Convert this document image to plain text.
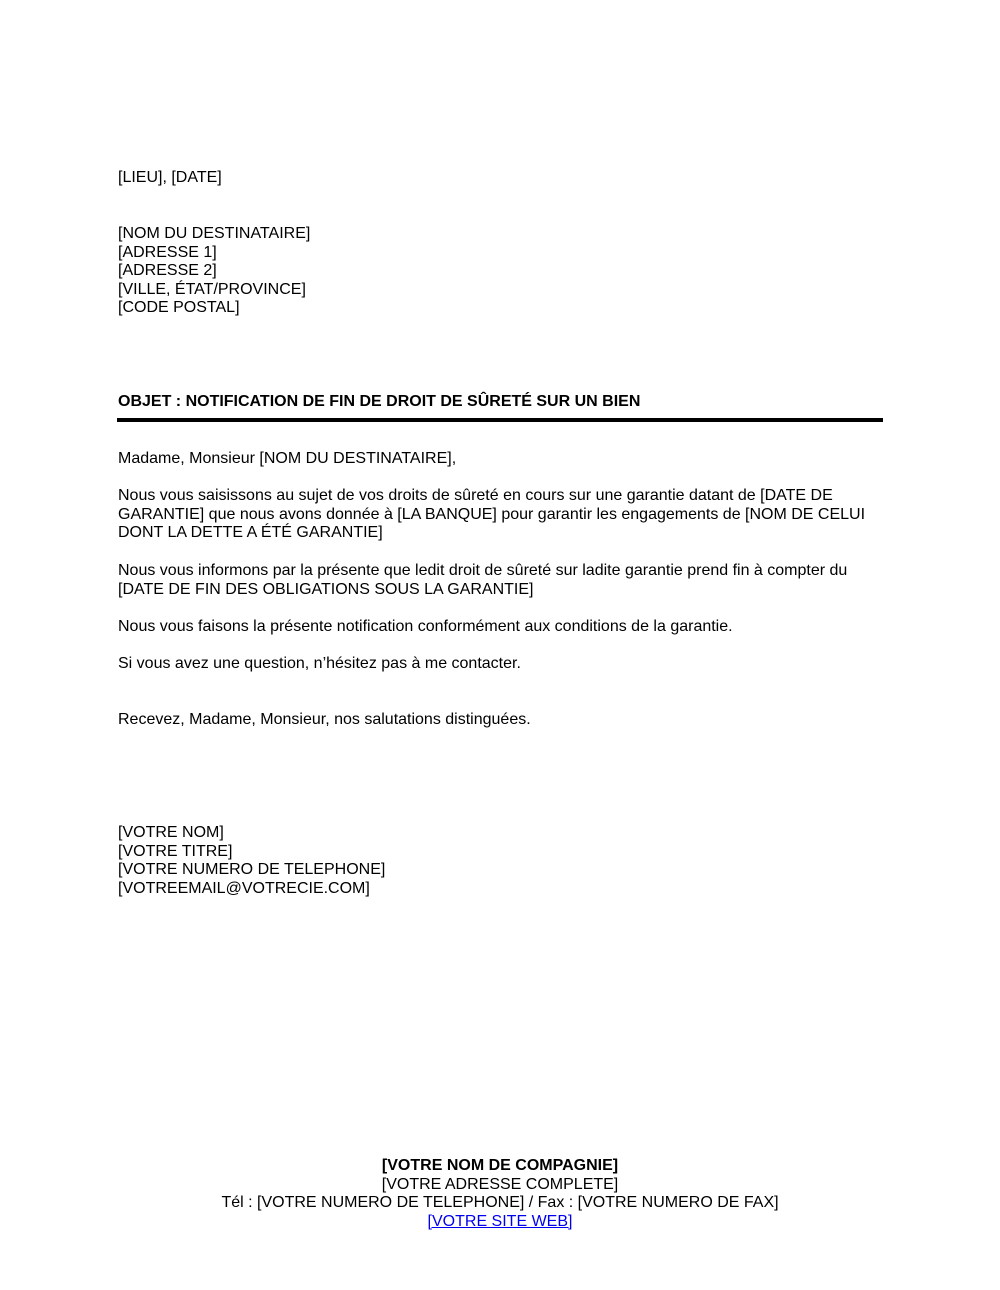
[LIEU], [DATE]
[NOM DU DESTINATAIRE]
[ADRESSE 1]
[ADRESSE 2]
[VILLE, ÉTAT/PROVINCE]
[CODE POSTAL]
OBJET : NOTIFICATION DE FIN DE DROIT DE SÛRETÉ SUR UN BIEN
Madame, Monsieur [NOM DU DESTINATAIRE],
Nous vous saisissons au sujet de vos droits de sûreté en cours sur une garantie datant de [DATE DE
GARANTIE] que nous avons donnée à [LA BANQUE] pour garantir les engagements de [NOM DE CELUI
DONT LA DETTE A ÉTÉ GARANTIE]
Nous vous informons par la présente que ledit droit de sûreté sur ladite garantie prend fin à compter du
[DATE DE FIN DES OBLIGATIONS SOUS LA GARANTIE]
Nous vous faisons la présente notification conformément aux conditions de la garantie.
Si vous avez une question, n’hésitez pas à me contacter.
Recevez, Madame, Monsieur, nos salutations distinguées.
[VOTRE NOM]
[VOTRE TITRE]
[VOTRE NUMERO DE TELEPHONE]
[VOTREEMAIL@VOTRECIE.COM]
[VOTRE NOM DE COMPAGNIE]
[VOTRE ADRESSE COMPLETE]
Tél : [VOTRE NUMERO DE TELEPHONE] / Fax : [VOTRE NUMERO DE FAX]
[VOTRE SITE WEB]
